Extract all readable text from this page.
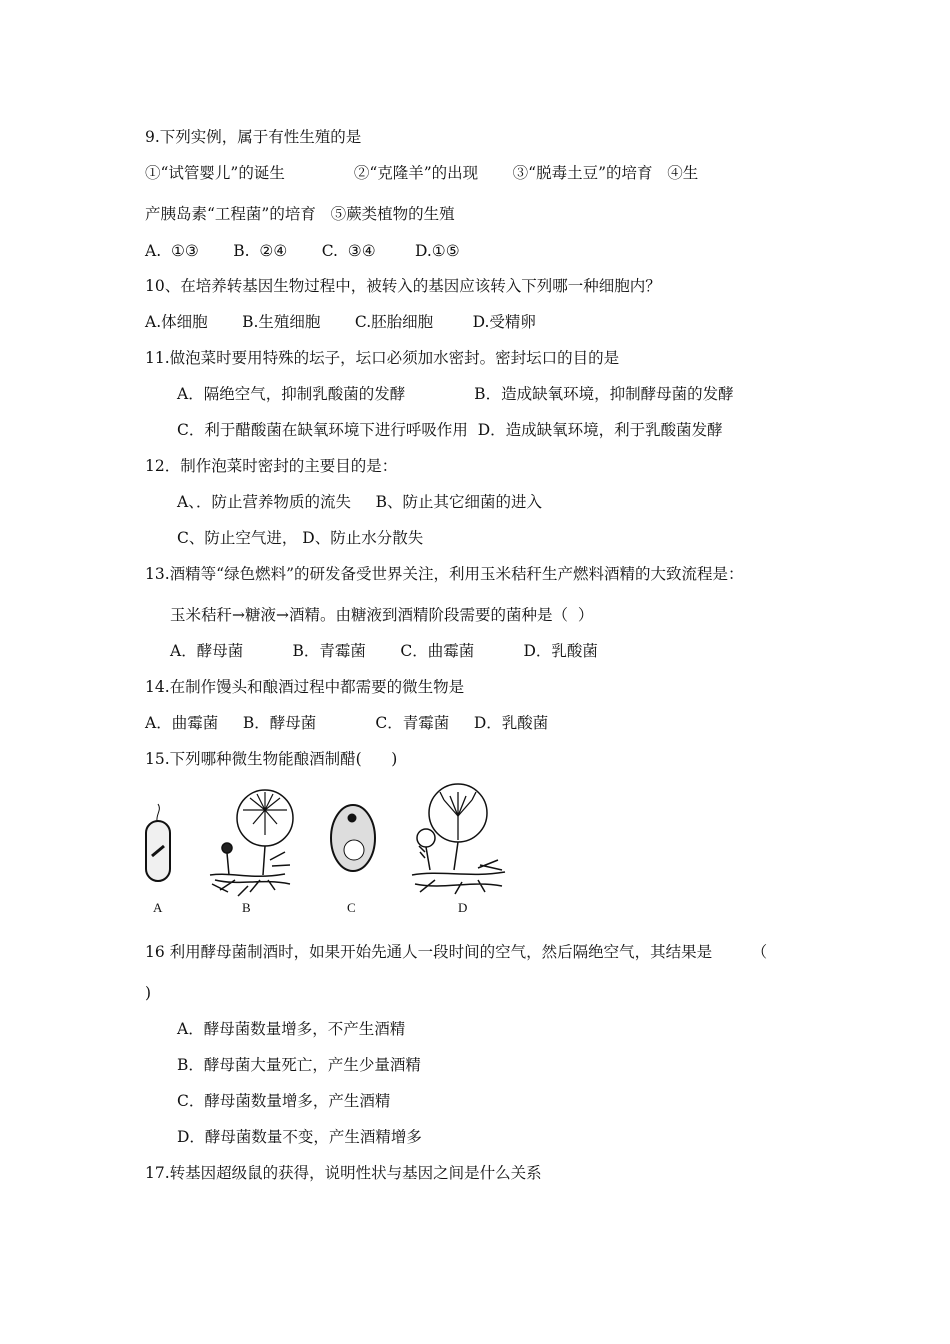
9.下列实例，属于有性生殖的是
①“试管婴儿”的诞生              ②“克隆羊”的出现       ③“脱毒土豆”的培育   ④生
产胰岛素“工程菌”的培育   ⑤蕨类植物的生殖
A.  ①③       B.  ②④       C.  ③④        D.①⑤
10、在培养转基因生物过程中，被转入的基因应该转入下列哪一种细胞内？
A.体细胞       B.生殖细胞       C.胚胎细胞        D.受精卵
11.做泡菜时要用特殊的坛子，坛口必须加水密封。密封坛口的目的是
A．隔绝空气，抑制乳酸菌的发酵              B．造成缺氧环境，抑制酵母菌的发酵
C．利于醋酸菌在缺氧环境下进行呼吸作用  D．造成缺氧环境，利于乳酸菌发酵
12．制作泡菜时密封的主要目的是：
A、．防止营养物质的流失     B、防止其它细菌的进入
C、防止空气进， D、防止水分散失
13.酒精等“绿色燃料”的研发备受世界关注，利用玉米秸秆生产燃料酒精的大致流程是：
玉米秸秆→糖液→酒精。由糖液到酒精阶段需要的菌种是（  ）
A．酵母菌          B．青霉菌       C．曲霉菌          D．乳酸菌
14.在制作馒头和酿酒过程中都需要的微生物是
A．曲霉菌     B．酵母菌            C．青霉菌     D．乳酸菌
15.下列哪种微生物能酿酒制醋(      )
A	B	C	D
16 利用酵母菌制酒时，如果开始先通人一段时间的空气，然后隔绝空气，其结果是        （
)
A．酵母菌数量增多，不产生酒精
B．酵母菌大量死亡，产生少量酒精
C．酵母菌数量增多，产生酒精
D．酵母菌数量不变，产生酒精增多
17.转基因超级鼠的获得，说明性状与基因之间是什么关系
